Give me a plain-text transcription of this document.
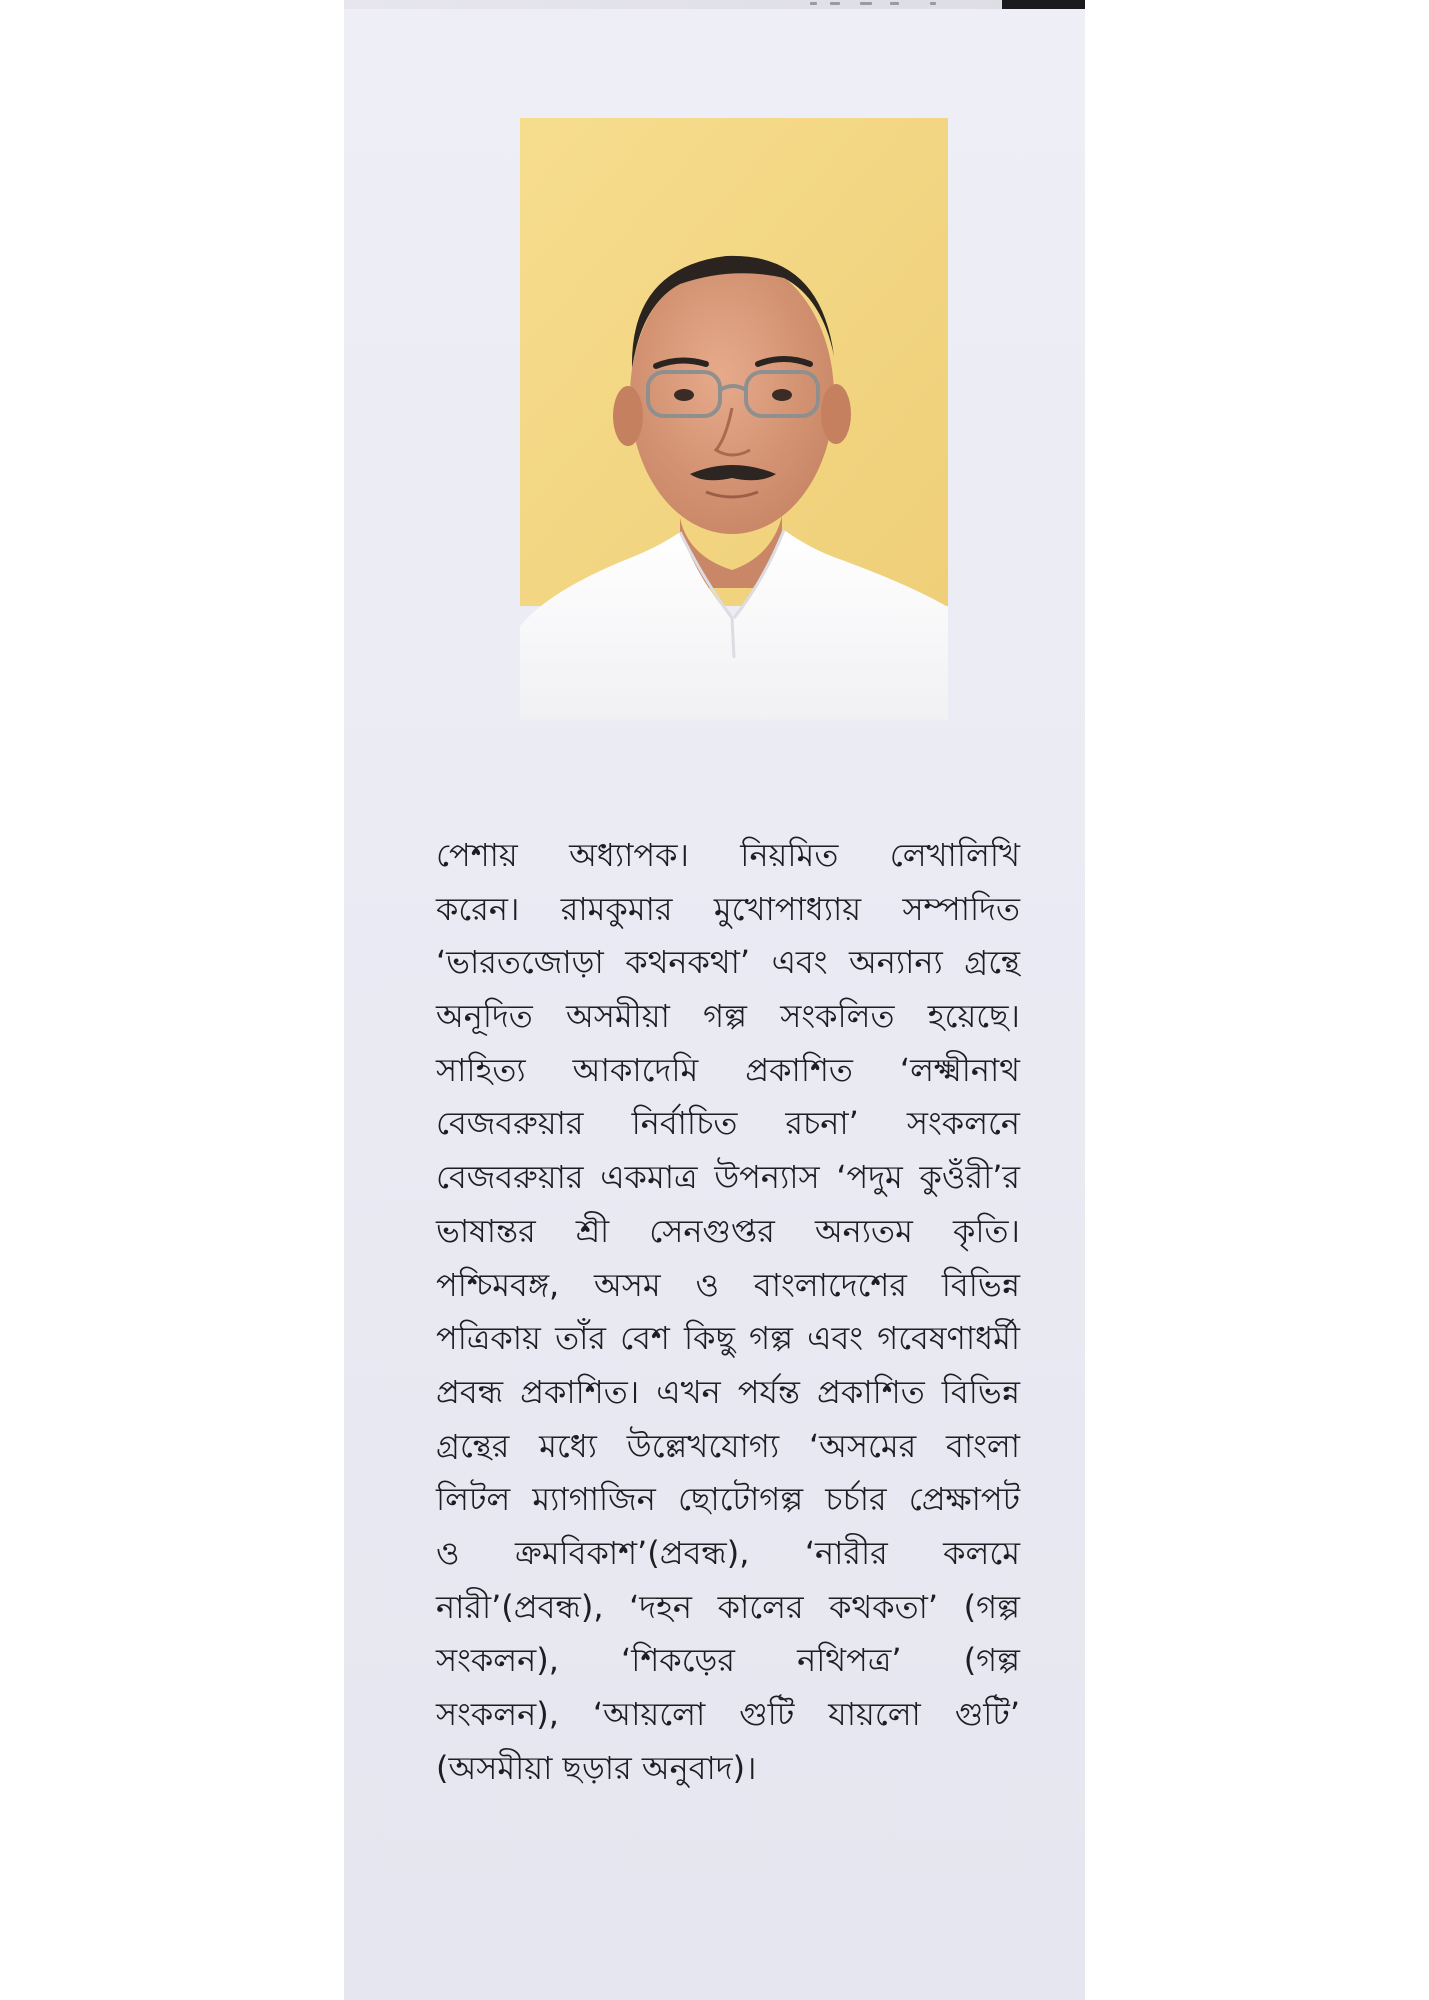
পেশায় অধ্যাপক। নিয়মিত লেখালিখি
করেন। রামকুমার মুখোপাধ্যায় সম্পাদিত
‘ভারতজোড়া কথনকথা’ এবং অন্যান্য গ্রন্থে
অনূদিত অসমীয়া গল্প সংকলিত হয়েছে।
সাহিত্য আকাদেমি প্রকাশিত ‘লক্ষ্মীনাথ
বেজবরুয়ার নির্বাচিত রচনা’ সংকলনে
বেজবরুয়ার একমাত্র উপন্যাস ‘পদুম কুওঁরী’র
ভাষান্তর শ্রী সেনগুপ্তর অন্যতম কৃতি।
পশ্চিমবঙ্গ, অসম ও বাংলাদেশের বিভিন্ন
পত্রিকায় তাঁর বেশ কিছু গল্প এবং গবেষণাধর্মী
প্রবন্ধ প্রকাশিত। এখন পর্যন্ত প্রকাশিত বিভিন্ন
গ্রন্থের মধ্যে উল্লেখযোগ্য ‘অসমের বাংলা
লিটল ম্যাগাজিন ছোটোগল্প চর্চার প্রেক্ষাপট
ও ক্রমবিকাশ’(প্রবন্ধ), ‘নারীর কলমে
নারী’(প্রবন্ধ), ‘দহন কালের কথকতা’ (গল্প
সংকলন), ‘শিকড়ের নথিপত্র’ (গল্প
সংকলন), ‘আয়লো গুটি যায়লো গুটি’
(অসমীয়া ছড়ার অনুবাদ)।
